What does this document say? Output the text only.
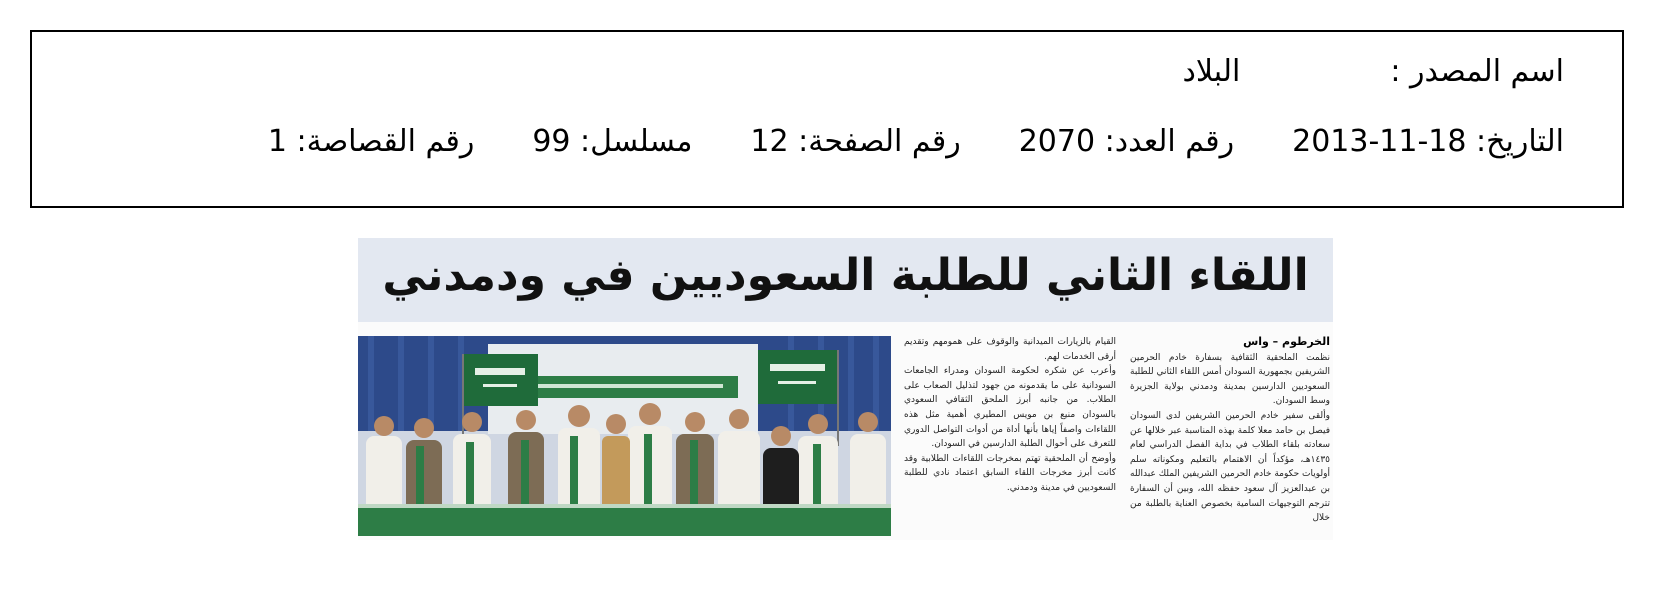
اسم المصدر :البلاد
التاريخ: 2013-11-18رقم العدد: 2070رقم الصفحة: 12مسلسل: 99رقم القصاصة: 1
اللقاء الثاني للطلبة السعوديين في ودمدني
الخرطوم – واس

نظمت الملحقية الثقافية بسفارة خادم الحرمين الشريفين بجمهورية السودان أمس اللقاء الثاني للطلبة السعوديين الدارسين بمدينة ودمدني بولاية الجزيرة وسط السودان.

وألقى سفير خادم الحرمين الشريفين لدى السودان فيصل بن حامد معلا كلمة بهذه المناسبة عبر خلالها عن سعادته بلقاء الطلاب في بداية الفصل الدراسي لعام ١٤٣٥هـ، مؤكداً أن الاهتمام بالتعليم ومكوناته سلم أولويات حكومة خادم الحرمين الشريفين الملك عبدالله بن عبدالعزيز آل سعود حفظه الله، وبين أن السفارة تترجم التوجيهات السامية بخصوص العناية بالطلبة من خلال

القيام بالزيارات الميدانية والوقوف على همومهم وتقديم أرقى الخدمات لهم.

وأعرب عن شكره لحكومة السودان ومدراء الجامعات السودانية على ما يقدمونه من جهود لتذليل الصعاب على الطلاب. من جانبه أبرز الملحق الثقافي السعودي بالسودان منيع بن مويس المطيري أهمية مثل هذه اللقاءات واصفاً إياها بأنها أداة من أدوات التواصل الدوري للتعرف على أحوال الطلبة الدارسين في السودان.

وأوضح أن الملحقية تهتم بمخرجات اللقاءات الطلابية وقد كانت أبرز مخرجات اللقاء السابق اعتماد نادي للطلبة السعوديين في مدينة ودمدني.
